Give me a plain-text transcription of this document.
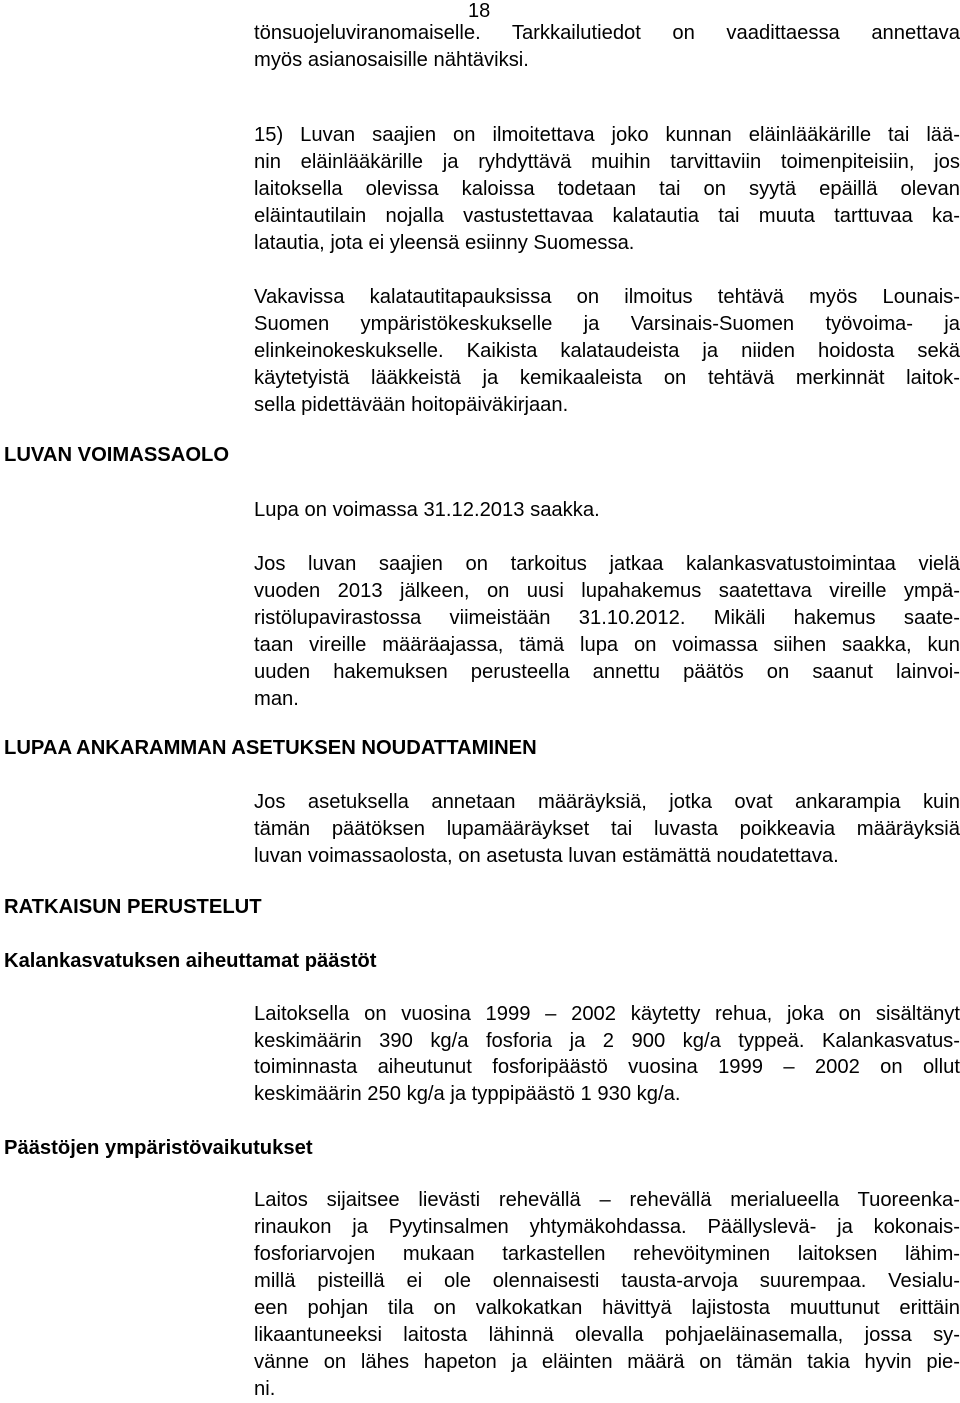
18
tönsuojeluviranomaiselle. Tarkkailutiedot on vaadittaessa annettava
myös asianosaisille nähtäviksi.
15) Luvan saajien on ilmoitettava joko kunnan eläinlääkärille tai lää-
nin eläinlääkärille ja ryhdyttävä muihin tarvittaviin toimenpiteisiin, jos
laitoksella olevissa kaloissa todetaan tai on syytä epäillä olevan
eläintautilain nojalla vastustettavaa kalatautia tai muuta tarttuvaa ka-
latautia, jota ei yleensä esiinny Suomessa.
Vakavissa kalatautitapauksissa on ilmoitus tehtävä myös Lounais-
Suomen ympäristökeskukselle ja Varsinais-Suomen työvoima- ja
elinkeinokeskukselle. Kaikista kalataudeista ja niiden hoidosta sekä
käytetyistä lääkkeistä ja kemikaaleista on tehtävä merkinnät laitok-
sella pidettävään hoitopäiväkirjaan.
LUVAN VOIMASSAOLO
Lupa on voimassa 31.12.2013 saakka.
Jos luvan saajien on tarkoitus jatkaa kalankasvatustoimintaa vielä
vuoden 2013 jälkeen, on uusi lupahakemus saatettava vireille ympä-
ristölupavirastossa viimeistään 31.10.2012. Mikäli hakemus saate-
taan vireille määräajassa, tämä lupa on voimassa siihen saakka, kun
uuden hakemuksen perusteella annettu päätös on saanut lainvoi-
man.
LUPAA ANKARAMMAN ASETUKSEN NOUDATTAMINEN
Jos asetuksella annetaan määräyksiä, jotka ovat ankarampia kuin
tämän päätöksen lupamääräykset tai luvasta poikkeavia määräyksiä
luvan voimassaolosta, on asetusta luvan estämättä noudatettava.
RATKAISUN PERUSTELUT
Kalankasvatuksen aiheuttamat päästöt
Laitoksella on vuosina 1999 – 2002 käytetty rehua, joka on sisältänyt
keskimäärin 390 kg/a fosforia ja 2 900 kg/a typpeä. Kalankasvatus-
toiminnasta aiheutunut fosforipäästö vuosina 1999 – 2002 on ollut
keskimäärin 250 kg/a ja typpipäästö 1 930 kg/a.
Päästöjen ympäristövaikutukset
Laitos sijaitsee lievästi rehevällä – rehevällä merialueella Tuoreenka-
rinaukon ja Pyytinsalmen yhtymäkohdassa. Päällyslevä- ja kokonais-
fosforiarvojen mukaan tarkastellen rehevöityminen laitoksen lähim-
millä pisteillä ei ole olennaisesti tausta-arvoja suurempaa. Vesialu-
een pohjan tila on valkokatkan hävittyä lajistosta muuttunut erittäin
likaantuneeksi laitosta lähinnä olevalla pohjaeläinasemalla, jossa sy-
vänne on lähes hapeton ja eläinten määrä on tämän takia hyvin pie-
ni.
